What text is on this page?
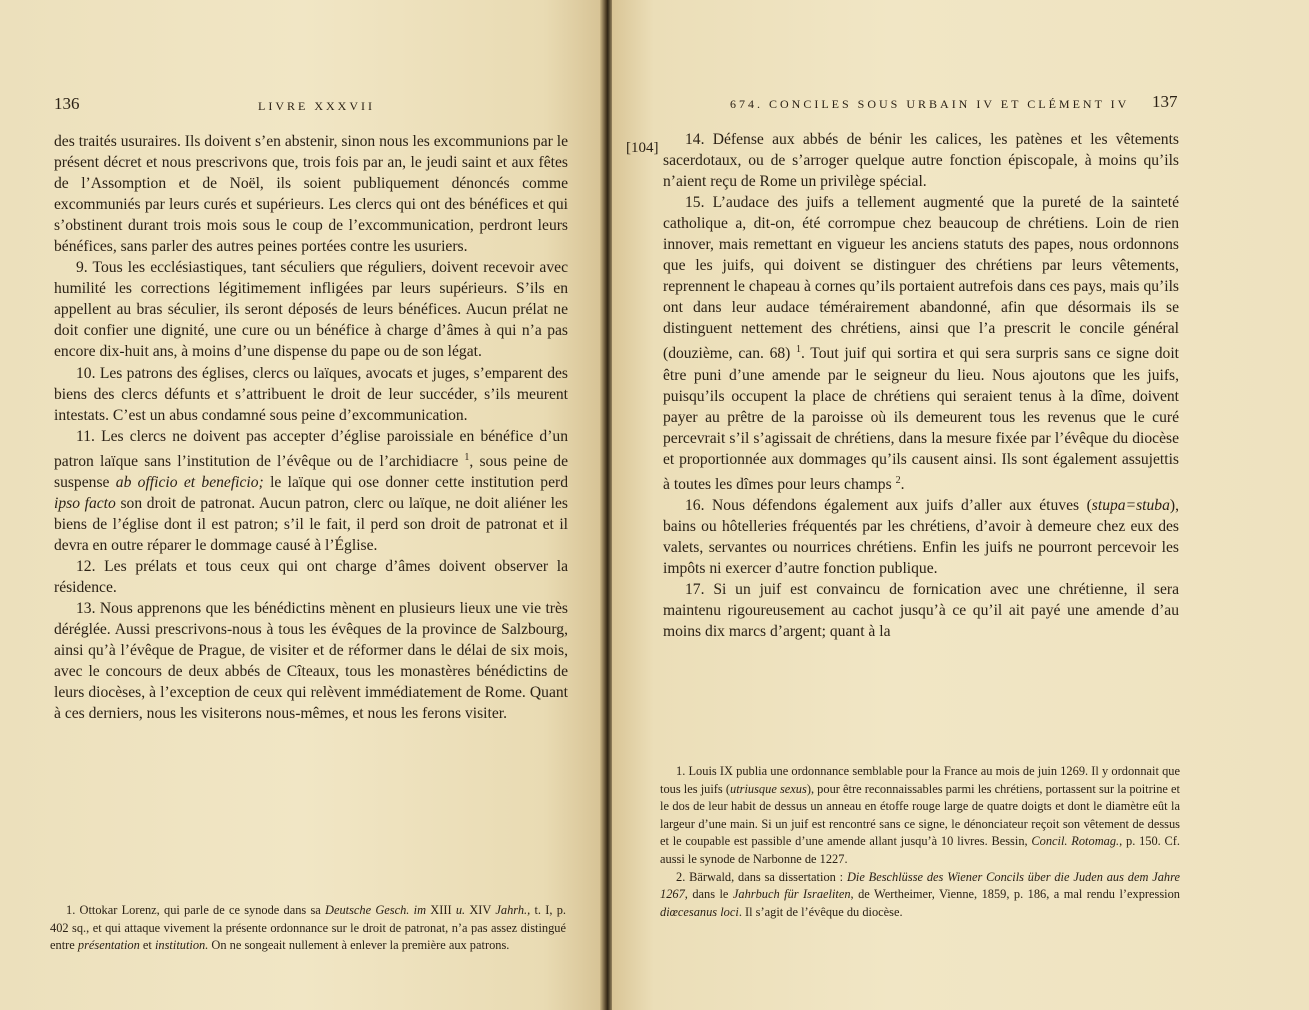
136	LIVRE XXXVII

des traités usuraires. Ils doivent s’en abstenir, sinon nous les excommunions par le présent décret et nous prescrivons que, trois fois par an, le jeudi saint et aux fêtes de l’Assomption et de Noël, ils soient publiquement dénoncés comme excommuniés par leurs curés et supérieurs. Les clercs qui ont des bénéfices et qui s’obstinent durant trois mois sous le coup de l’excommunication, perdront leurs bénéfices, sans parler des autres peines portées contre les usuriers.

9. Tous les ecclésiastiques, tant séculiers que réguliers, doivent recevoir avec humilité les corrections légitimement infligées par leurs supérieurs. S’ils en appellent au bras séculier, ils seront déposés de leurs bénéfices. Aucun prélat ne doit confier une dignité, une cure ou un bénéfice à charge d’âmes à qui n’a pas encore dix-huit ans, à moins d’une dispense du pape ou de son légat.

10. Les patrons des églises, clercs ou laïques, avocats et juges, s’emparent des biens des clercs défunts et s’attribuent le droit de leur succéder, s’ils meurent intestats. C’est un abus condamné sous peine d’excommunication.

11. Les clercs ne doivent pas accepter d’église paroissiale en bénéfice d’un patron laïque sans l’institution de l’évêque ou de l’archidiacre $^1$, sous peine de suspense ab officio et beneficio; le laïque qui ose donner cette institution perd ipso facto son droit de patronat. Aucun patron, clerc ou laïque, ne doit aliéner les biens de l’église dont il est patron; s’il le fait, il perd son droit de patronat et il devra en outre réparer le dommage causé à l’Église.

12. Les prélats et tous ceux qui ont charge d’âmes doivent observer la résidence.

13. Nous apprenons que les bénédictins mènent en plusieurs lieux une vie très déréglée. Aussi prescrivons-nous à tous les évêques de la province de Salzbourg, ainsi qu’à l’évêque de Prague, de visiter et de réformer dans le délai de six mois, avec le concours de deux abbés de Cîteaux, tous les monastères bénédictins de leurs diocèses, à l’exception de ceux qui relèvent immédiatement de Rome. Quant à ces derniers, nous les visiterons nous-mêmes, et nous les ferons visiter.

1. Ottokar Lorenz, qui parle de ce synode dans sa Deutsche Gesch. im XIII u. XIV Jahrh., t. I, p. 402 sq., et qui attaque vivement la présente ordonnance sur le droit de patronat, n’a pas assez distingué entre présentation et institution. On ne songeait nullement à enlever la première aux patrons.

674. CONCILES SOUS URBAIN IV ET CLÉMENT IV 137
[104]	14. Défense aux abbés de bénir les calices, les patènes et les vêtements sacerdotaux, ou de s’arroger quelque autre fonction épiscopale, à moins qu’ils n’aient reçu de Rome un privilège spécial.

15. L’audace des juifs a tellement augmenté que la pureté de la sainteté catholique a, dit-on, été corrompue chez beaucoup de chrétiens. Loin de rien innover, mais remettant en vigueur les anciens statuts des papes, nous ordonnons que les juifs, qui doivent se distinguer des chrétiens par leurs vêtements, reprennent le chapeau à cornes qu’ils portaient autrefois dans ces pays, mais qu’ils ont dans leur audace témérairement abandonné, afin que désormais ils se distinguent nettement des chrétiens, ainsi que l’a prescrit le concile général (douzième, can. 68) $^1$. Tout juif qui sortira et qui sera surpris sans ce signe doit être puni d’une amende par le seigneur du lieu. Nous ajoutons que les juifs, puisqu’ils occupent la place de chrétiens qui seraient tenus à la dîme, doivent payer au prêtre de la paroisse où ils demeurent tous les revenus que le curé percevrait s’il s’agissait de chrétiens, dans la mesure fixée par l’évêque du diocèse et proportionnée aux dommages qu’ils causent ainsi. Ils sont également assujettis à toutes les dîmes pour leurs champs $^2$.

16. Nous défendons également aux juifs d’aller aux étuves (stupa=stuba), bains ou hôtelleries fréquentés par les chrétiens, d’avoir à demeure chez eux des valets, servantes ou nourrices chrétiens. Enfin les juifs ne pourront percevoir les impôts ni exercer d’autre fonction publique.

17. Si un juif est convaincu de fornication avec une chrétienne, il sera maintenu rigoureusement au cachot jusqu’à ce qu’il ait payé une amende d’au moins dix marcs d’argent; quant à la

1. Louis IX publia une ordonnance semblable pour la France au mois de juin 1269. Il y ordonnait que tous les juifs (utriusque sexus), pour être reconnaissables parmi les chrétiens, portassent sur la poitrine et le dos de leur habit de dessus un anneau en étoffe rouge large de quatre doigts et dont le diamètre eût la largeur d’une main. Si un juif est rencontré sans ce signe, le dénonciateur reçoit son vêtement de dessus et le coupable est passible d’une amende allant jusqu’à 10 livres. Bessin, Concil. Rotomag., p. 150. Cf. aussi le synode de Narbonne de 1227.

2. Bärwald, dans sa dissertation : Die Beschlüsse des Wiener Concils über die Juden aus dem Jahre 1267, dans le Jahrbuch für Israeliten, de Wertheimer, Vienne, 1859, p. 186, a mal rendu l’expression diœcesanus loci. Il s’agit de l’évêque du diocèse.
